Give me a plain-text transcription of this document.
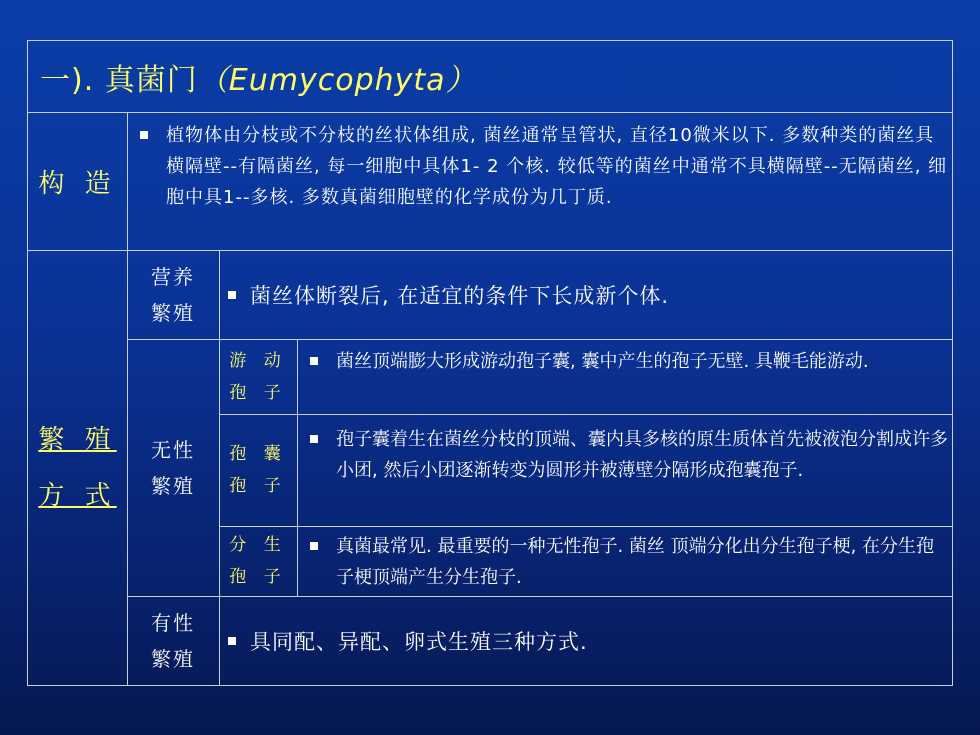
一). 真菌门（Eumycophyta）
构 造
植物体由分枝或不分枝的丝状体组成, 菌丝通常呈管状, 直径10微米以下. 多数种类的菌丝具横隔壁--有隔菌丝, 每一细胞中具体1- 2 个核. 较低等的菌丝中通常不具横隔壁--无隔菌丝, 细胞中具1--多核. 多数真菌细胞壁的化学成份为几丁质.
繁 殖
方 式
营养
繁殖
菌丝体断裂后, 在适宜的条件下长成新个体.
无性
繁殖
游 动
孢 子
菌丝顶端膨大形成游动孢子囊, 囊中产生的孢子无壁. 具鞭毛能游动.
孢 囊
孢 子
孢子囊着生在菌丝分枝的顶端、囊内具多核的原生质体首先被液泡分割成许多小团, 然后小团逐渐转变为圆形并被薄壁分隔形成孢囊孢子.
分 生
孢 子
真菌最常见. 最重要的一种无性孢子. 菌丝 顶端分化出分生孢子梗, 在分生孢子梗顶端产生分生孢子.
有性
繁殖
具同配、异配、卵式生殖三种方式.
